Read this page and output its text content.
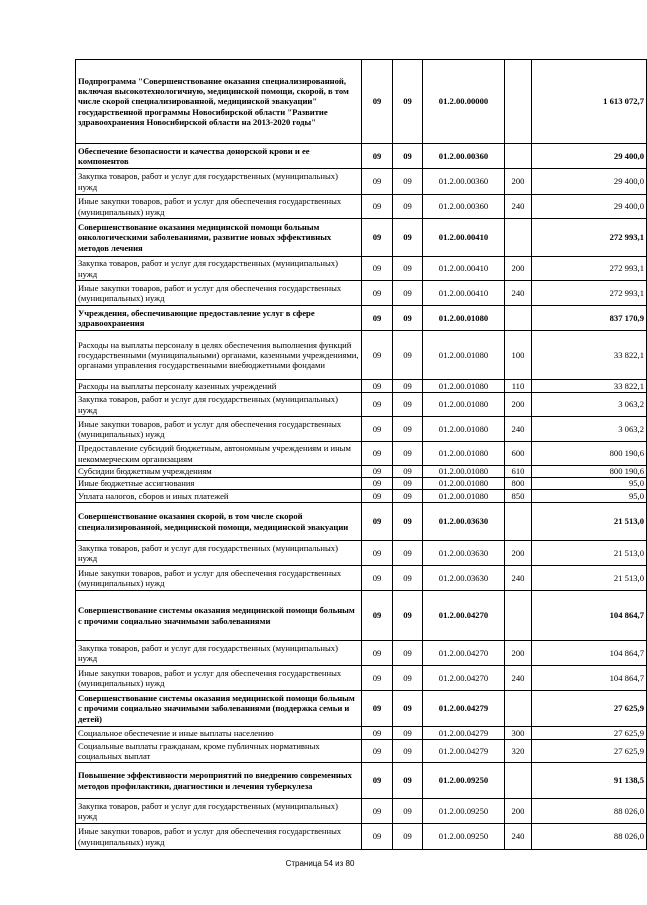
Подпрограмма "Совершенствование оказания специализированной, включая высокотехнологичную, медицинской помощи, скорой, в том числе скорой специализированной, медицинской эвакуации" государственной программы Новосибирской области "Развитие здравоохранения Новосибирской области на 2013-2020 годы"	09	09	01.2.00.00000		1 613 072,7
Обеспечение безопасности и качества донорской крови и ее компонентов	09	09	01.2.00.00360		29 400,0
Закупка товаров, работ и услуг для государственных (муниципальных) нужд	09	09	01.2.00.00360	200	29 400,0
Иные закупки товаров, работ и услуг для обеспечения государственных (муниципальных) нужд	09	09	01.2.00.00360	240	29 400,0
Совершенствование оказания медицинской помощи больным онкологическими заболеваниями, развитие новых эффективных методов лечения	09	09	01.2.00.00410		272 993,1
Закупка товаров, работ и услуг для государственных (муниципальных) нужд	09	09	01.2.00.00410	200	272 993,1
Иные закупки товаров, работ и услуг для обеспечения государственных (муниципальных) нужд	09	09	01.2.00.00410	240	272 993,1
Учреждения, обеспечивающие предоставление услуг в сфере здравоохранения	09	09	01.2.00.01080		837 170,9
Расходы на выплаты персоналу в целях обеспечения выполнения функций государственными (муниципальными) органами, казенными учреждениями, органами управления государственными внебюджетными фондами	09	09	01.2.00.01080	100	33 822,1
Расходы на выплаты персоналу казенных учреждений	09	09	01.2.00.01080	110	33 822,1
Закупка товаров, работ и услуг для государственных (муниципальных) нужд	09	09	01.2.00.01080	200	3 063,2
Иные закупки товаров, работ и услуг для обеспечения государственных (муниципальных) нужд	09	09	01.2.00.01080	240	3 063,2
Предоставление субсидий бюджетным, автономным учреждениям и иным некоммерческим организациям	09	09	01.2.00.01080	600	800 190,6
Субсидии бюджетным учреждениям	09	09	01.2.00.01080	610	800 190,6
Иные бюджетные ассигнования	09	09	01.2.00.01080	800	95,0
Уплата налогов, сборов и иных платежей	09	09	01.2.00.01080	850	95,0
Совершенствование оказания скорой, в том числе скорой специализированной, медицинской помощи, медицинской эвакуации	09	09	01.2.00.03630		21 513,0
Закупка товаров, работ и услуг для государственных (муниципальных) нужд	09	09	01.2.00.03630	200	21 513,0
Иные закупки товаров, работ и услуг для обеспечения государственных (муниципальных) нужд	09	09	01.2.00.03630	240	21 513,0
Совершенствование системы оказания медицинской помощи больным с прочими социально значимыми заболеваниями	09	09	01.2.00.04270		104 864,7
Закупка товаров, работ и услуг для государственных (муниципальных) нужд	09	09	01.2.00.04270	200	104 864,7
Иные закупки товаров, работ и услуг для обеспечения государственных (муниципальных) нужд	09	09	01.2.00.04270	240	104 864,7
Совершенствование системы оказания медицинской помощи больным с прочими социально значимыми заболеваниями (поддержка семьи и детей)	09	09	01.2.00.04279		27 625,9
Социальное обеспечение и иные выплаты населению	09	09	01.2.00.04279	300	27 625,9
Социальные выплаты гражданам, кроме публичных нормативных социальных выплат	09	09	01.2.00.04279	320	27 625,9
Повышение эффективности мероприятий по внедрению современных методов профилактики, диагностики и лечения туберкулеза	09	09	01.2.00.09250		91 138,5
Закупка товаров, работ и услуг для государственных (муниципальных) нужд	09	09	01.2.00.09250	200	88 026,0
Иные закупки товаров, работ и услуг для обеспечения государственных (муниципальных) нужд	09	09	01.2.00.09250	240	88 026,0
Страница 54 из 80
